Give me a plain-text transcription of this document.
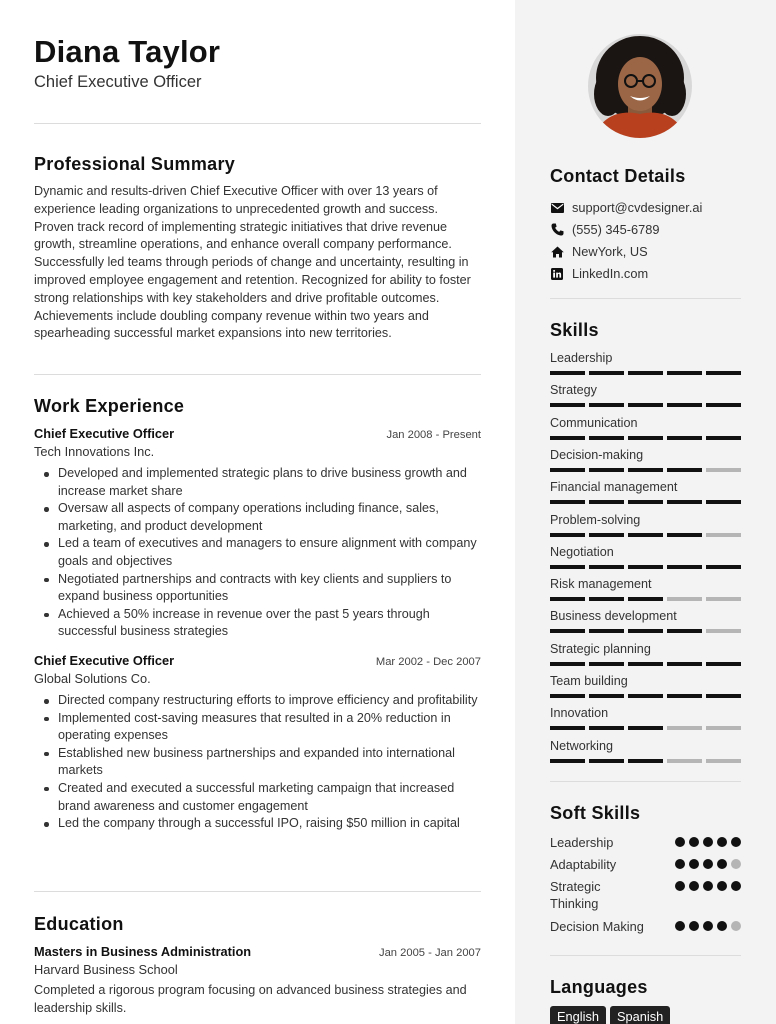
Diana Taylor
Chief Executive Officer
Professional Summary
Dynamic and results-driven Chief Executive Officer with over 13 years of experience leading organizations to unprecedented growth and success. Proven track record of implementing strategic initiatives that drive revenue growth, streamline operations, and enhance overall company performance. Successfully led teams through periods of change and uncertainty, resulting in improved employee engagement and retention. Recognized for ability to foster strong relationships with key stakeholders and drive profitable outcomes. Achievements include doubling company revenue within two years and spearheading successful market expansions into new territories.
Work Experience
Chief Executive Officer	Jan 2008 - Present
Tech Innovations Inc.
Developed and implemented strategic plans to drive business growth and increase market share
Oversaw all aspects of company operations including finance, sales, marketing, and product development
Led a team of executives and managers to ensure alignment with company goals and objectives
Negotiated partnerships and contracts with key clients and suppliers to expand business opportunities
Achieved a 50% increase in revenue over the past 5 years through successful business strategies
Chief Executive Officer	Mar 2002 - Dec 2007
Global Solutions Co.
Directed company restructuring efforts to improve efficiency and profitability
Implemented cost-saving measures that resulted in a 20% reduction in operating expenses
Established new business partnerships and expanded into international markets
Created and executed a successful marketing campaign that increased brand awareness and customer engagement
Led the company through a successful IPO, raising $50 million in capital
Education
Masters in Business Administration	Jan 2005 - Jan 2007
Harvard Business School
Completed a rigorous program focusing on advanced business strategies and leadership skills.
Contact Details
support@cvdesigner.ai
(555) 345-6789
NewYork, US
LinkedIn.com
Skills
Leadership
Strategy
Communication
Decision-making
Financial management
Problem-solving
Negotiation
Risk management
Business development
Strategic planning
Team building
Innovation
Networking
Soft Skills
Leadership
Adaptability
Strategic Thinking
Decision Making
Languages
English	Spanish
